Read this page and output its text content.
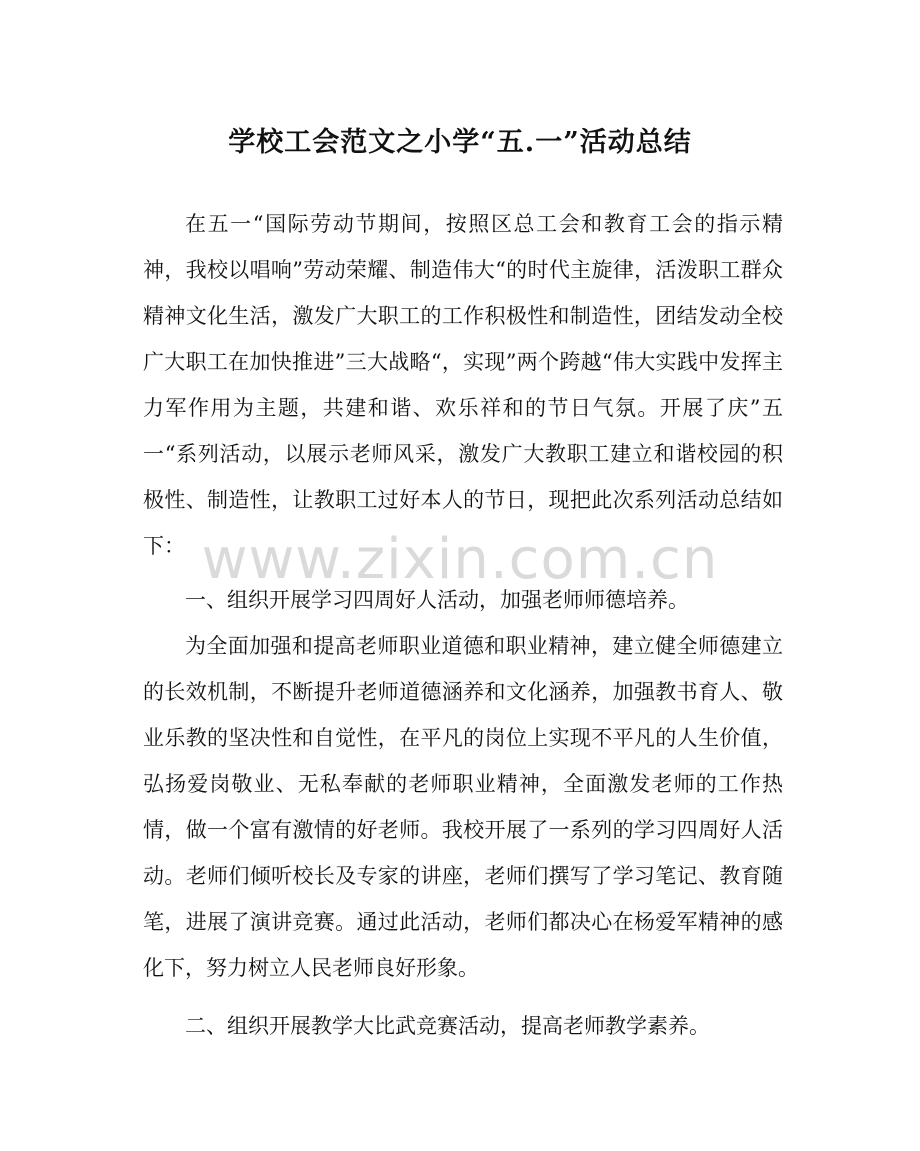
学校工会范文之小学“五.一”活动总结

在五一“国际劳动节期间，按照区总工会和教育工会的指示精神，我校以唱响”劳动荣耀、制造伟大“的时代主旋律，活泼职工群众精神文化生活，激发广大职工的工作积极性和制造性，团结发动全校广大职工在加快推进”三大战略“，实现”两个跨越“伟大实践中发挥主力军作用为主题，共建和谐、欢乐祥和的节日气氛。开展了庆”五一“系列活动，以展示老师风采，激发广大教职工建立和谐校园的积极性、制造性，让教职工过好本人的节日，现把此次系列活动总结如下：

一、组织开展学习四周好人活动，加强老师师德培养。

为全面加强和提高老师职业道德和职业精神，建立健全师德建立的长效机制，不断提升老师道德涵养和文化涵养，加强教书育人、敬业乐教的坚决性和自觉性，在平凡的岗位上实现不平凡的人生价值，弘扬爱岗敬业、无私奉献的老师职业精神，全面激发老师的工作热情，做一个富有激情的好老师。我校开展了一系列的学习四周好人活动。老师们倾听校长及专家的讲座，老师们撰写了学习笔记、教育随笔，进展了演讲竞赛。通过此活动，老师们都决心在杨爱军精神的感化下，努力树立人民老师良好形象。

二、组织开展教学大比武竞赛活动，提高老师教学素养。

www.zixin.com.cn
